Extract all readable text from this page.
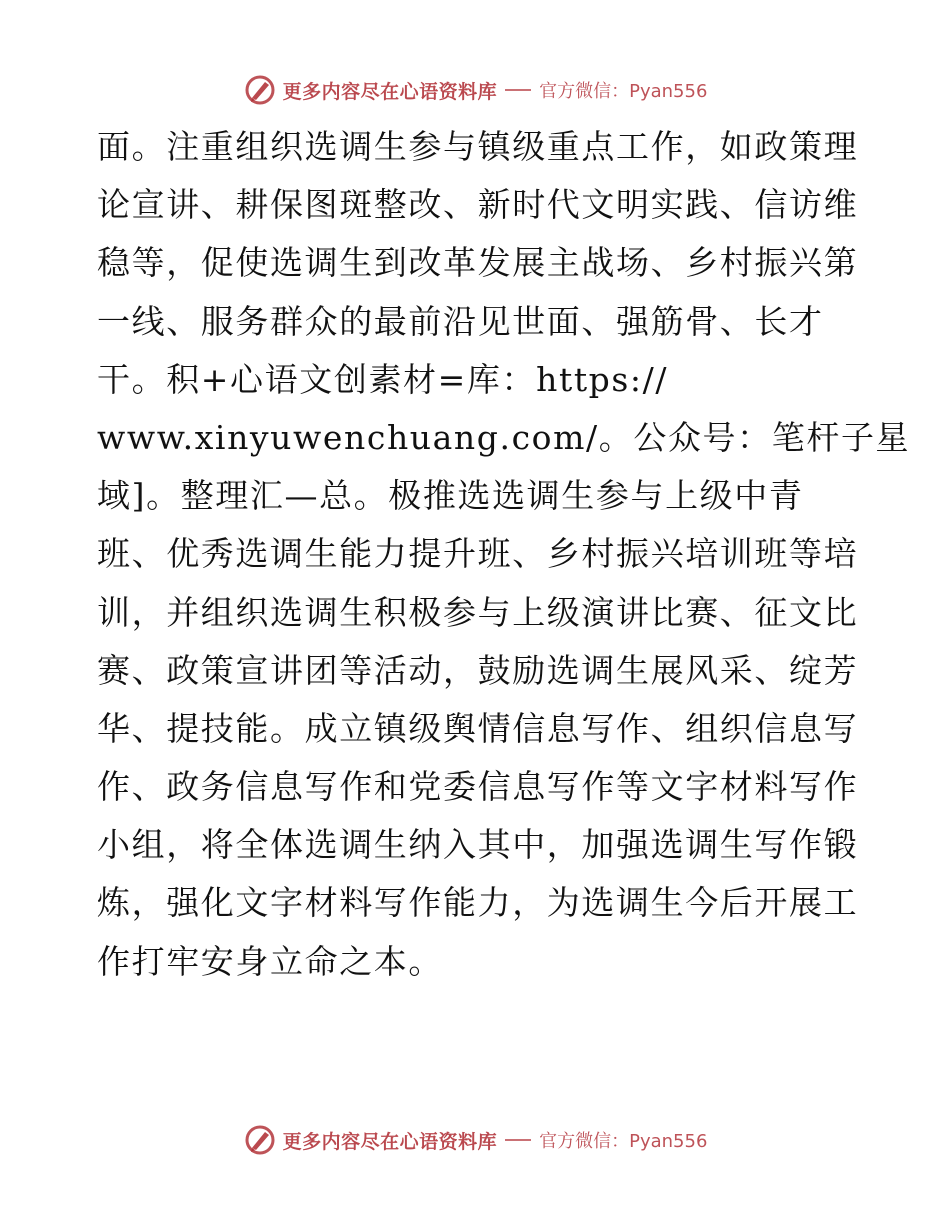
更多内容尽在心语资料库 官方微信：Pyan556
面。注重组织选调生参与镇级重点工作，如政策理
论宣讲、耕保图斑整改、新时代文明实践、信访维
稳等，促使选调生到改革发展主战场、乡村振兴第
一线、服务群众的最前沿见世面、强筋骨、长才
干。积+心语文创素材=库：https://
www.xinyuwenchuang.com/。公众号：笔杆子星
域]。整理汇—总。极推选选调生参与上级中青
班、优秀选调生能力提升班、乡村振兴培训班等培
训，并组织选调生积极参与上级演讲比赛、征文比
赛、政策宣讲团等活动，鼓励选调生展风采、绽芳
华、提技能。成立镇级舆情信息写作、组织信息写
作、政务信息写作和党委信息写作等文字材料写作
小组，将全体选调生纳入其中，加强选调生写作锻
炼，强化文字材料写作能力，为选调生今后开展工
作打牢安身立命之本。
更多内容尽在心语资料库 官方微信：Pyan556
